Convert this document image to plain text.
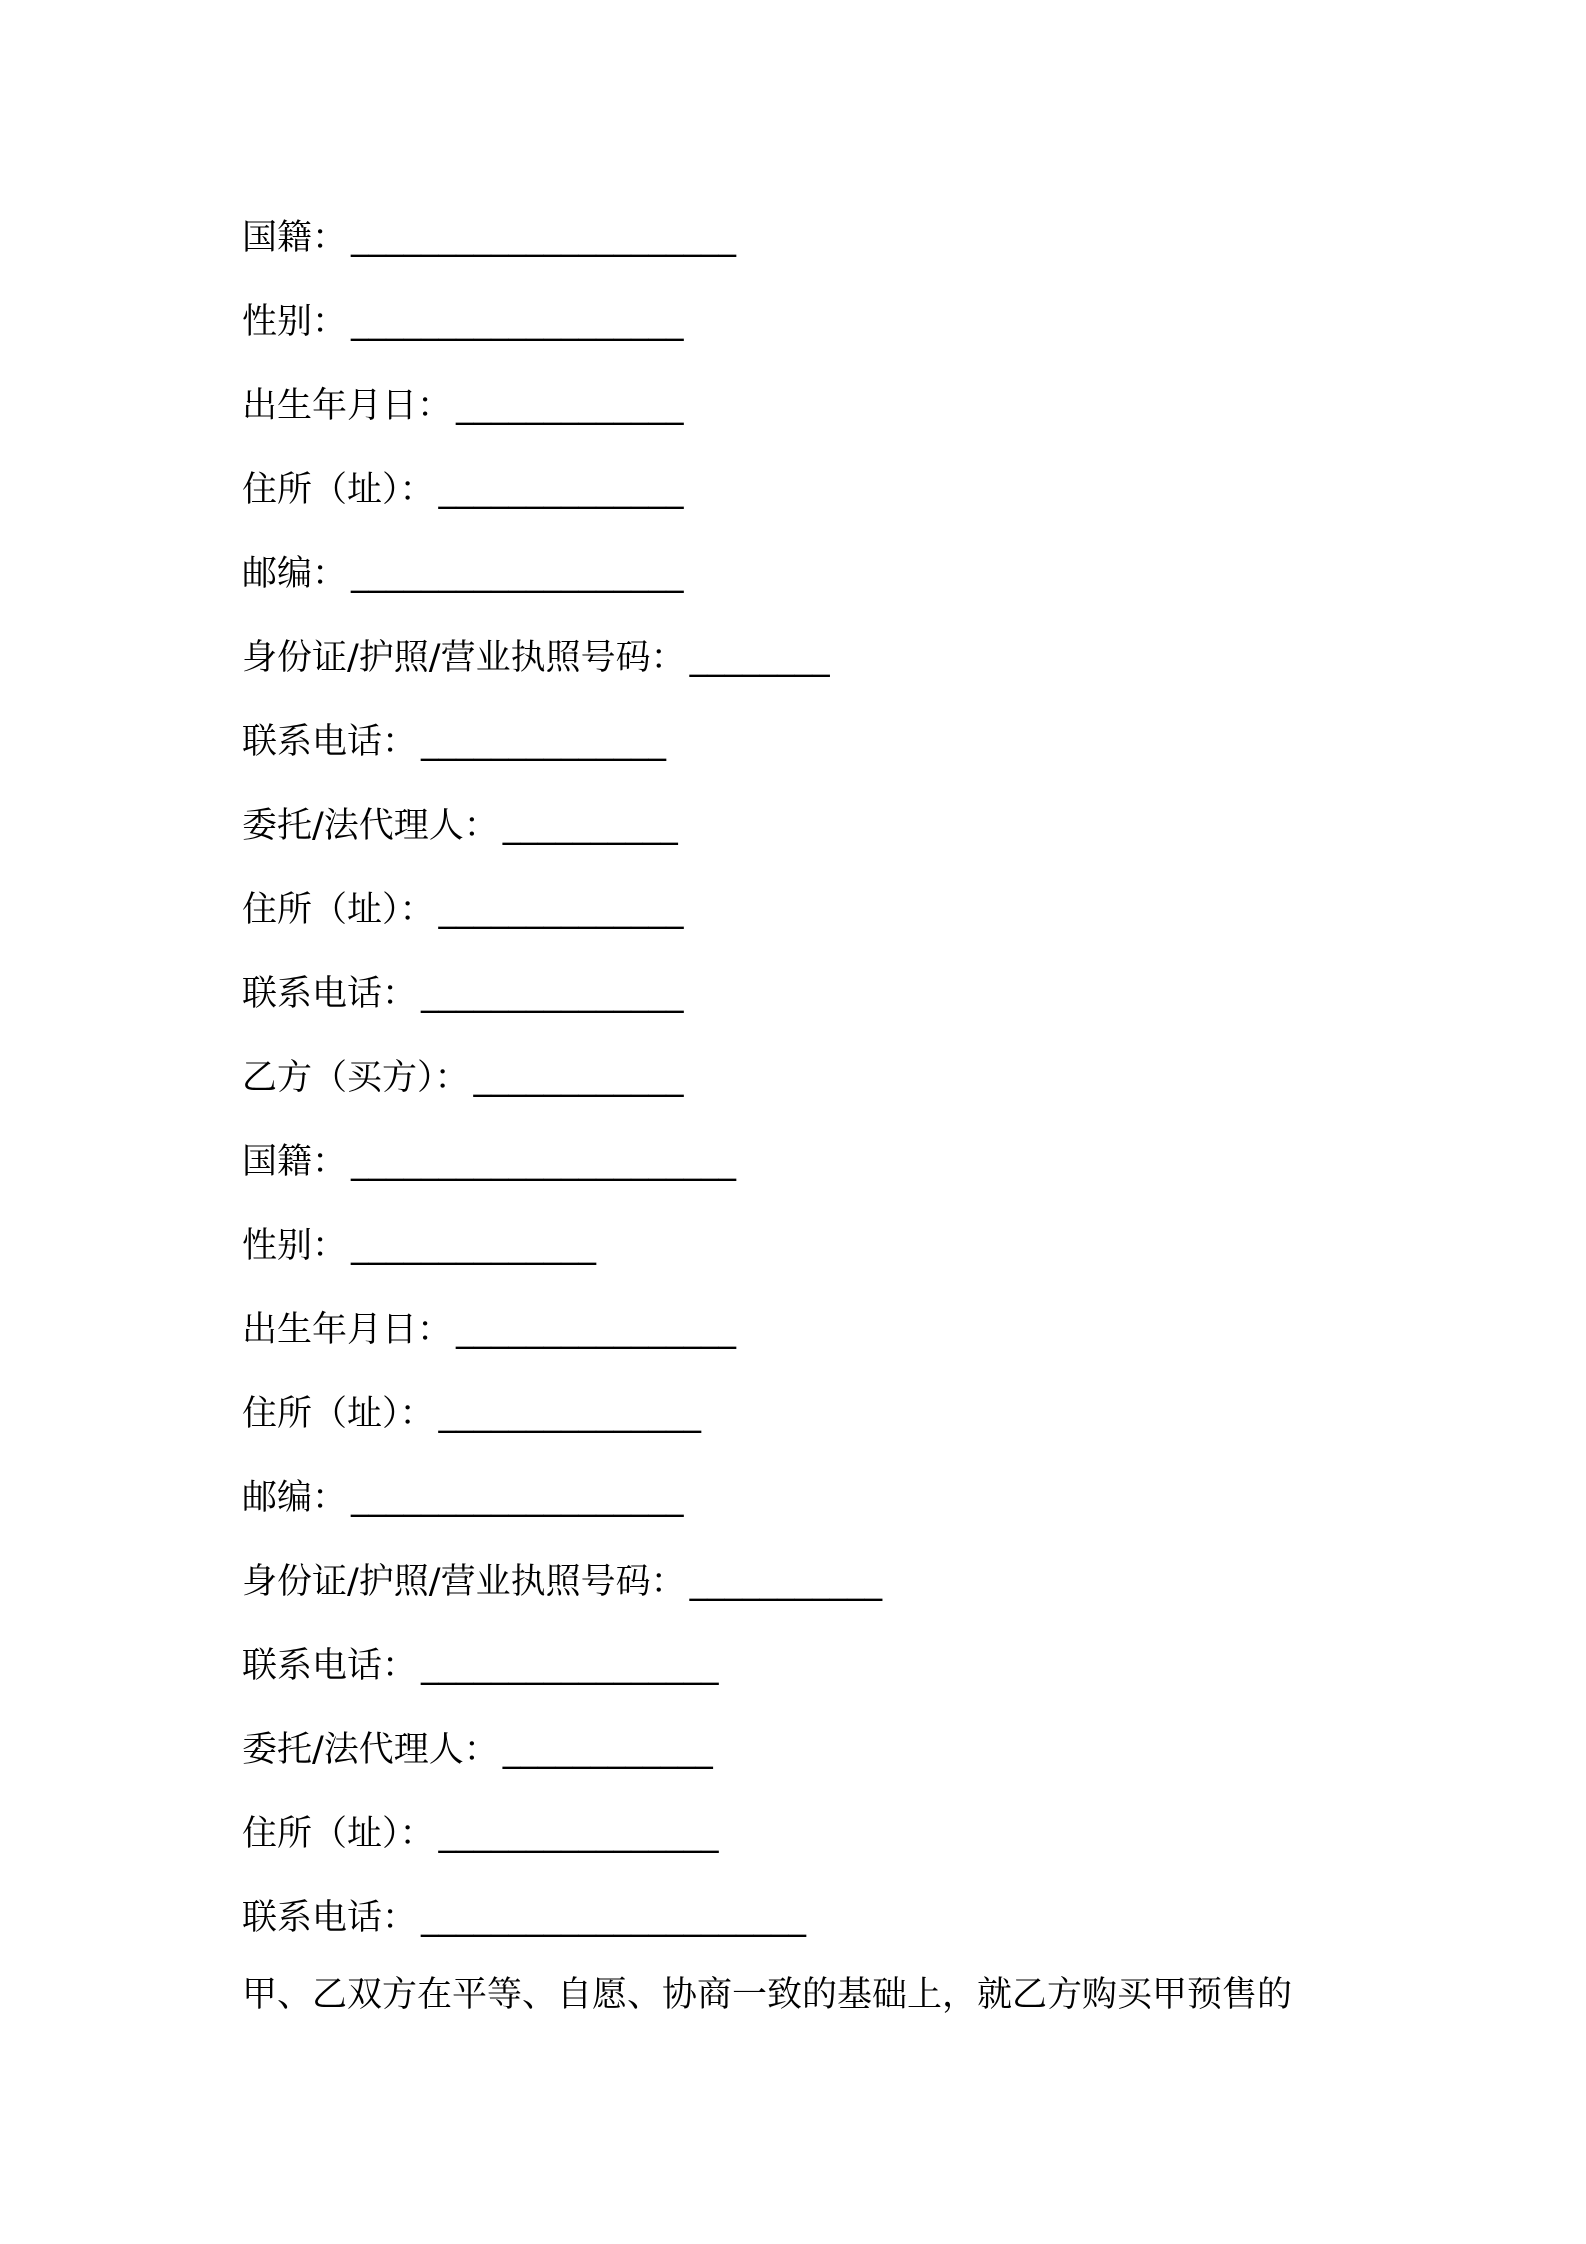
国籍： ______________________
性别： ___________________
出生年月日： _____________
住所（址）： ______________
邮编： ___________________
身份证/护照/营业执照号码： ________
联系电话： ______________
委托/法代理人： __________
住所（址）： ______________
联系电话： _______________
乙方（买方）： ____________
国籍： ______________________
性别： ______________
出生年月日： ________________
住所（址）： _______________
邮编： ___________________
身份证/护照/营业执照号码： ___________
联系电话： _________________
委托/法代理人： ____________
住所（址）： ________________
联系电话： ______________________
甲、乙双方在平等、自愿、协商一致的基础上，就乙方购买甲预售的
